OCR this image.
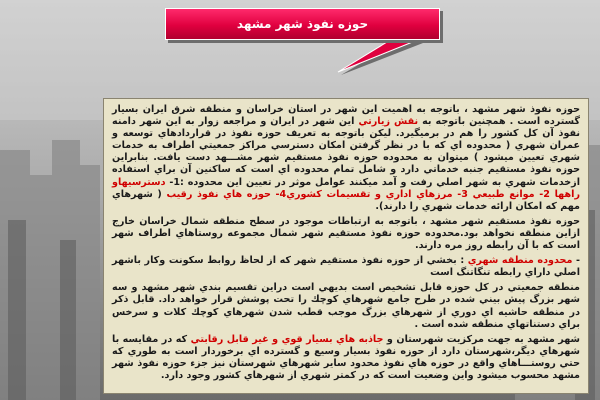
حوزه نفوذ شهر مشهد

حوزه نفوذ شهر مشهد ، باتوجه به اهميت اين شهر در استان خراسان و منطقه شرق ايران بسيار گسترده است . همچنين باتوجه به نقش زيارتي اين شهر در ايران و مراجعه زوار به اين شهر دامنه نفوذ آن كل كشور را هم در برميگيرد. ليكن باتوجه به تعريف حوزه نفوذ در قراردادهاي توسعه و عمران شهري ( محدوده اي كه با در نظر گرفتن امكان دسترسي مراكز جمعيتي اطراف به خدمات شهري تعيين ميشود ) ميتوان به محدوده حوزه نفوذ مستقيم شهر مشـــهد دست يافت. بنابراين حوزه نفوذ مستقيم جنبه خدماتي دارد و شامل تمام محدوده اي است كه ساكنين آن براي استفاده ازخدمات شهري به شهر اصلي رفت و آمد ميكنند عوامل موثر در تعيين اين محدوده :1- دسترسيهاو راهها 2- موانع طبيعي 3- مرزهاي اداري و تقسيمات كشوري4- حوزه هاي نفوذ رقيب ( شهرهاي مهم كه امكان ارائه خدمات شهري را دارند).

حوزه نفوذ مستقيم شهر مشهد ، باتوجه به ارتباطات موجود در سطح منطقه شمال خراسان خارج ازاين منطقه نخواهد بود.محدوده حوزه نفوذ مستقيم شهر شمال مجموعه روستاهاي اطراف شهر است كه با آن رابطه روز مره دارند.

- محدوده منطقه شهري : بخشي از حوزه نفوذ مستقيم شهر كه از لحاظ روابط سكونت وكار باشهر اصلي داراي رابطه تنگاتنگ است

منطقه جمعيتي در كل حوزه قابل تشخيص است بديهي است دراين تقسيم بندي شهر مشهد و سه شهر بزرگ پيش بيني شده در طرح جامع شهرهاي كوچك را تحت پوشش قرار خواهد داد. قابل ذكر در منطقه حاشيه اي دوري از شهرهاي بزرگ موجب قطب شدن شهرهاي كوچك كلات و سرخس براي دستناتهاي منطقه شده است .

شهر مشهد به جهت مركزيت شهرستان و جاذبه هاي بسيار قوي و غير قابل رقابتي كه در مقايسه با شهرهاي ديگر،شهرستان دارد از حوزه نفوذ بسيار وسيع و گسترده اي برخوردار است به طوري كه حتي روستـــاهاي واقع در حوزه هاي نفوذ محدود ساير شهرهاي شهرستان نيز جزء حوزه نفوذ شهر مشهد محسوب ميشود واين وضعيت است كه در كمتر شهري از شهرهاي كشور وجود دارد.
